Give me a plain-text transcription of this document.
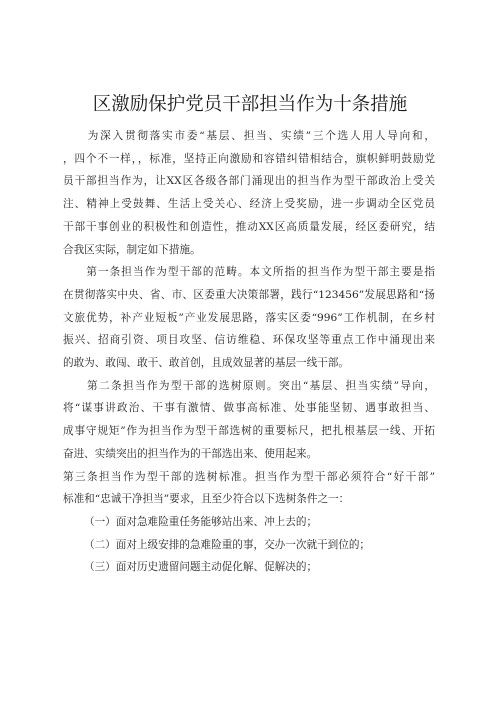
区激励保护党员干部担当作为十条措施

　　为深入贯彻落实市委“基层、担当、实绩”三个选人用人导向和，

，四个不一样，，标准，坚持正向激励和容错纠错相结合，旗帜鲜明鼓励党

员干部担当作为，让XX区各级各部门涌现出的担当作为型干部政治上受关

注、精神上受鼓舞、生活上受关心、经济上受奖励，进一步调动全区党员

干部干事创业的积极性和创造性，推动XX区高质量发展，经区委研究，结

合我区实际，制定如下措施。

　　第一条担当作为型干部的范畴。本文所指的担当作为型干部主要是指

在贯彻落实中央、省、市、区委重大决策部署，践行“123456”发展思路和“扬

文旅优势，补产业短板”产业发展思路，落实区委“996”工作机制，在乡村

振兴、招商引资、项目攻坚、信访维稳、环保攻坚等重点工作中涌现出来

的敢为、敢闯、敢干、敢首创，且成效显著的基层一线干部。

　　第二条担当作为型干部的选树原则。突出“基层、担当实绩”导向，

将“谋事讲政治、干事有激情、做事高标准、处事能坚韧、遇事敢担当、

成事守规矩”作为担当作为型干部选树的重要标尺，把扎根基层一线、开拓

奋进、实绩突出的担当作为的干部选出来、使用起来。

第三条担当作为型干部的选树标准。担当作为型干部必须符合“好干部”

标准和“忠诚干净担当”要求，且至少符合以下选树条件之一：

（一）面对急难险重任务能够站出来、冲上去的；

（二）面对上级安排的急难险重的事，交办一次就干到位的；

（三）面对历史遗留问题主动促化解、促解决的；
